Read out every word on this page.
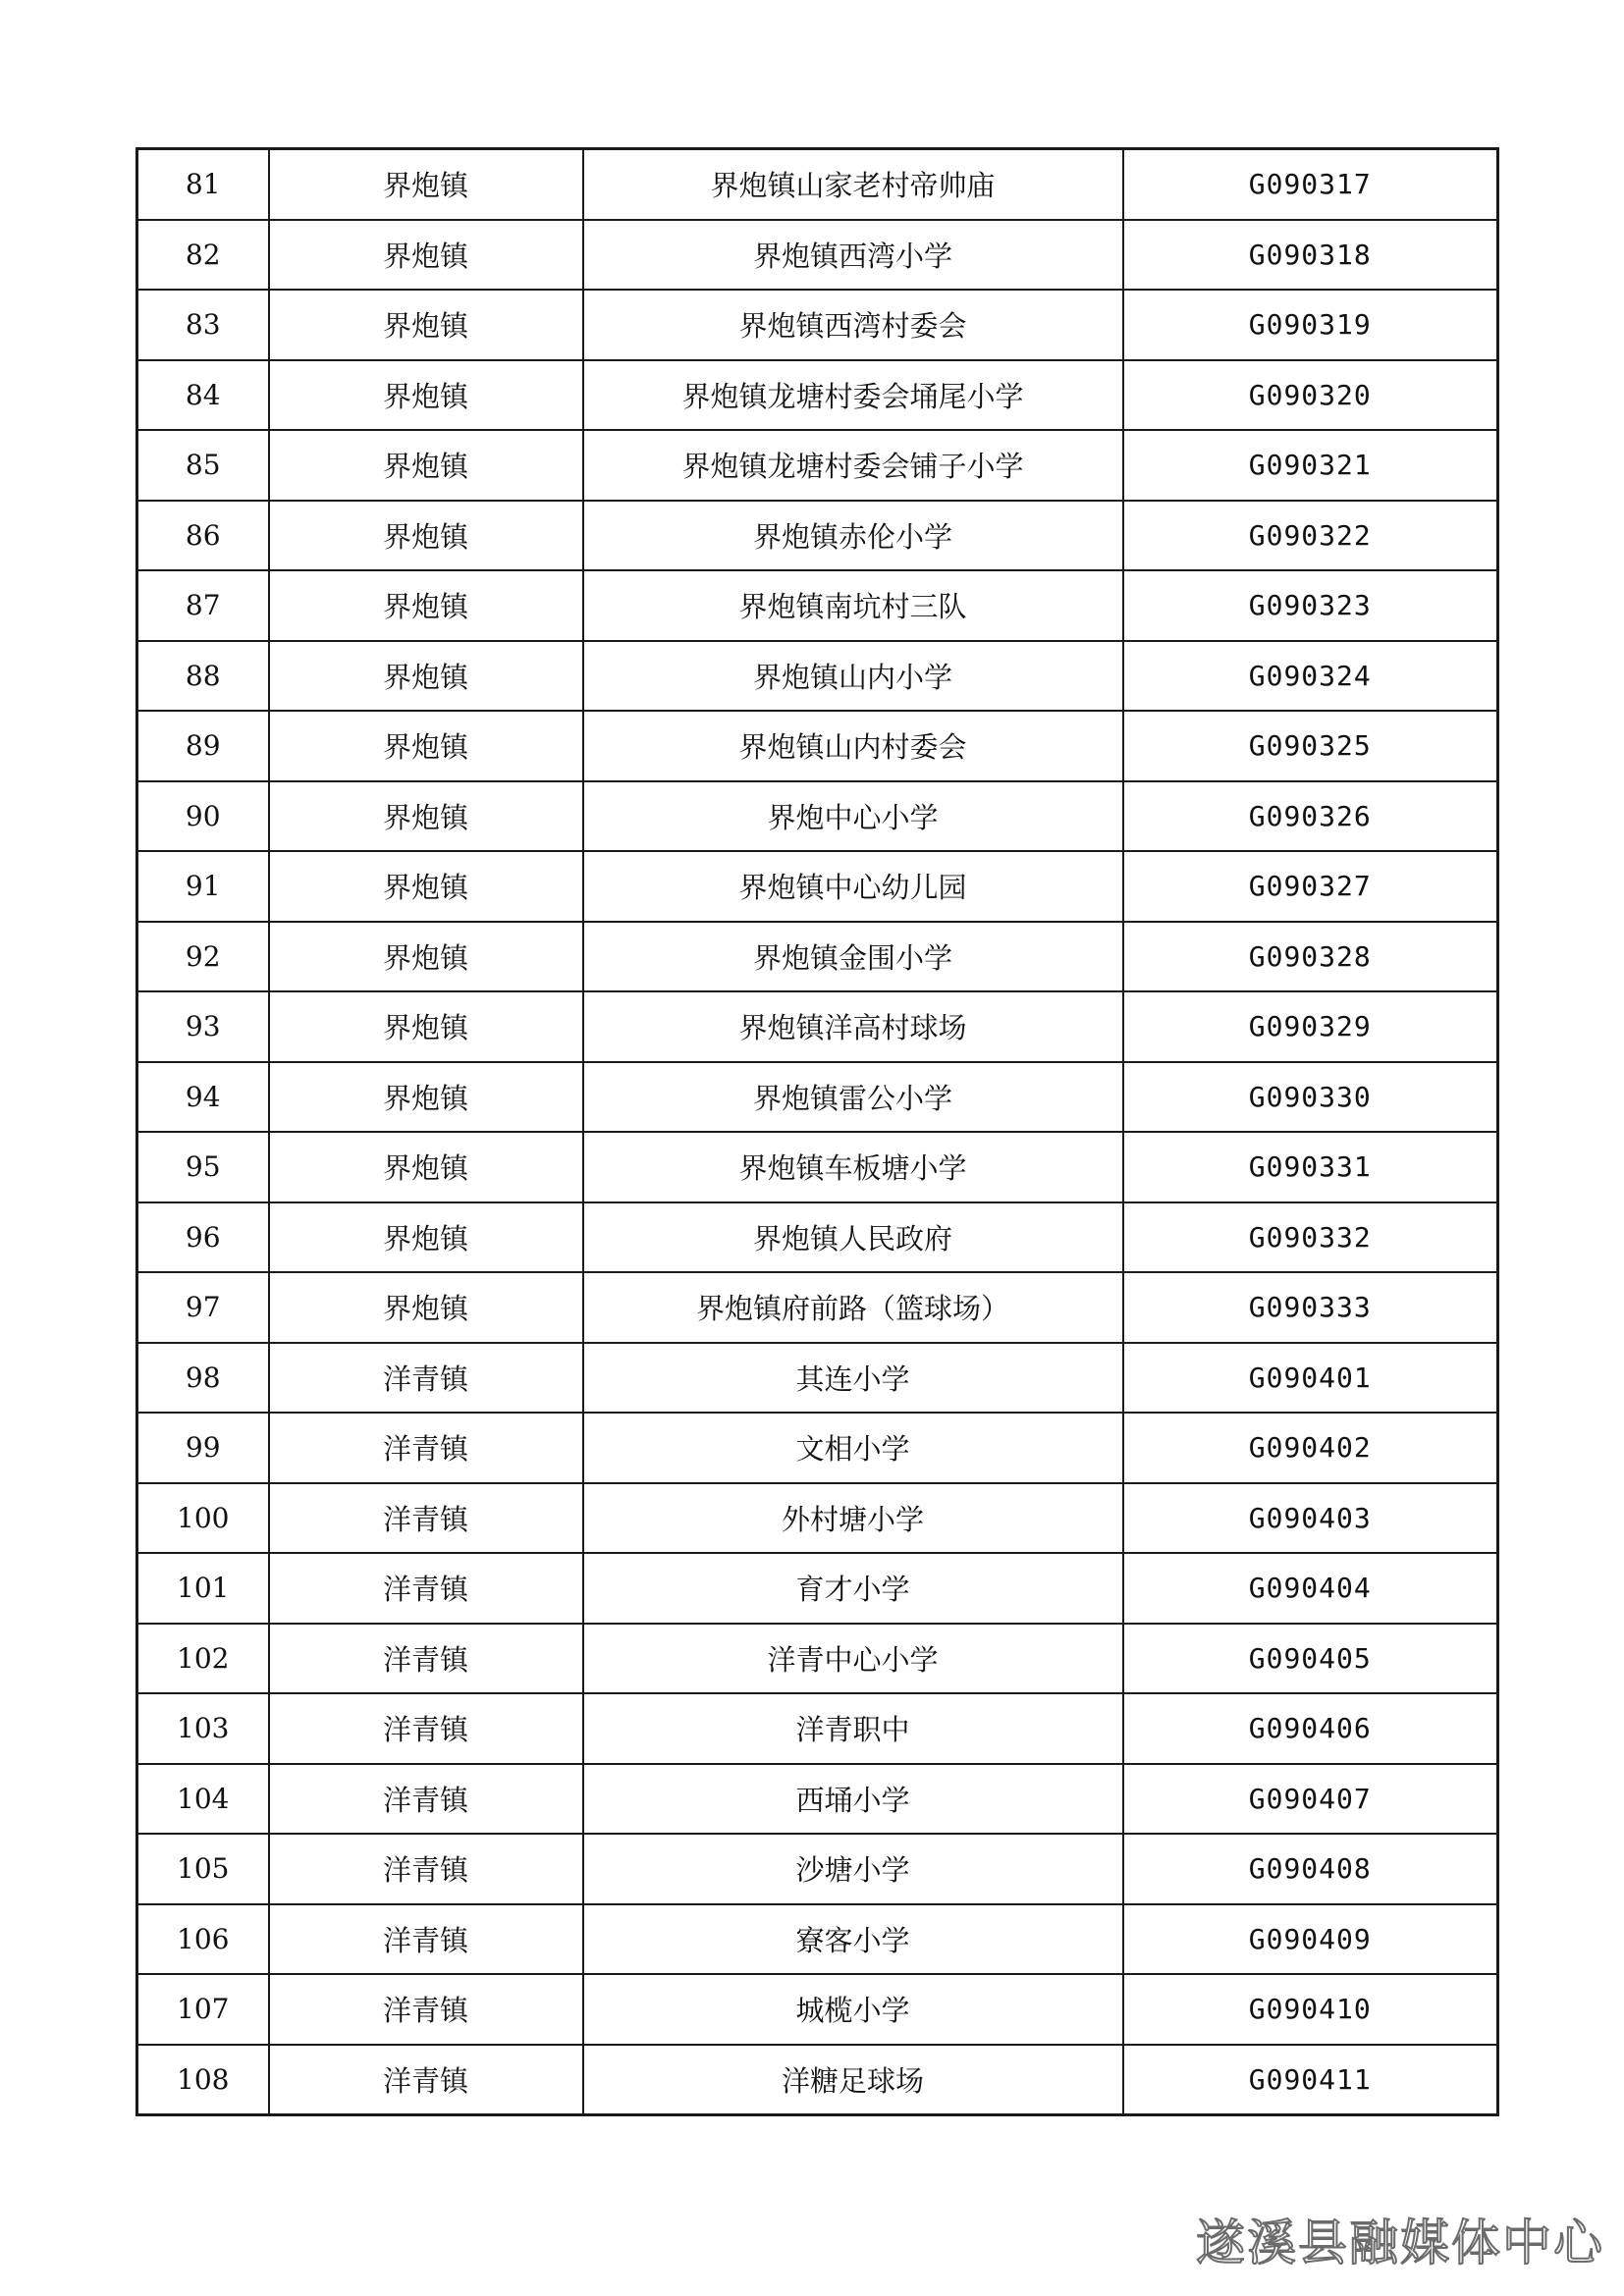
81	界炮镇	界炮镇山家老村帝帅庙	G090317
82	界炮镇	界炮镇西湾小学	G090318
83	界炮镇	界炮镇西湾村委会	G090319
84	界炮镇	界炮镇龙塘村委会埇尾小学	G090320
85	界炮镇	界炮镇龙塘村委会铺子小学	G090321
86	界炮镇	界炮镇赤伦小学	G090322
87	界炮镇	界炮镇南坑村三队	G090323
88	界炮镇	界炮镇山内小学	G090324
89	界炮镇	界炮镇山内村委会	G090325
90	界炮镇	界炮中心小学	G090326
91	界炮镇	界炮镇中心幼儿园	G090327
92	界炮镇	界炮镇金围小学	G090328
93	界炮镇	界炮镇洋高村球场	G090329
94	界炮镇	界炮镇雷公小学	G090330
95	界炮镇	界炮镇车板塘小学	G090331
96	界炮镇	界炮镇人民政府	G090332
97	界炮镇	界炮镇府前路（篮球场）	G090333
98	洋青镇	其连小学	G090401
99	洋青镇	文相小学	G090402
100	洋青镇	外村塘小学	G090403
101	洋青镇	育才小学	G090404
102	洋青镇	洋青中心小学	G090405
103	洋青镇	洋青职中	G090406
104	洋青镇	西埇小学	G090407
105	洋青镇	沙塘小学	G090408
106	洋青镇	寮客小学	G090409
107	洋青镇	城榄小学	G090410
108	洋青镇	洋糖足球场	G090411
遂溪县融媒体中心
